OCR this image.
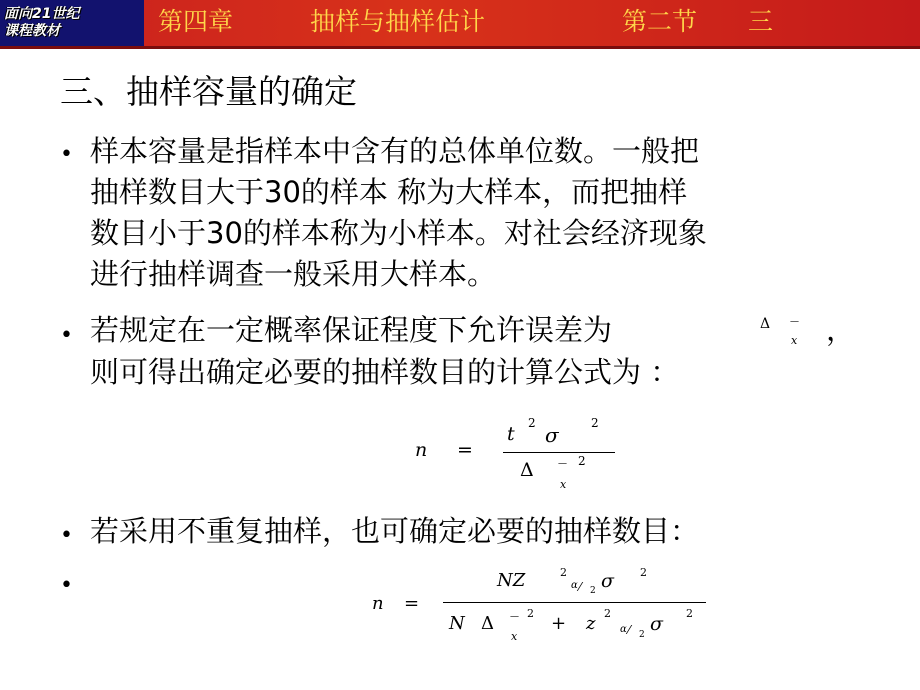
面向21世纪
课程教材	第四章	抽样与抽样估计	第二节 三
三、抽样容量的确定
• 样本容量是指样本中含有的总体单位数。一般把
抽样数目大于30的样本 称为大样本，而把抽样
数目小于30的样本称为小样本。对社会经济现象
进行抽样调查一般采用大样本。
• 若规定在一定概率保证程度下允许误差为	Δ —
x ，
则可得出确定必要的抽样数目的计算公式为 ：
n =
t 2 σ	2
Δ	—
x
2
• 若采用不重复抽样，也可确定必要的抽样数目：
•
n =
NZ	2
α ⁄ 2 σ 2
N Δ —
x
2 + z 2
α ⁄ 2 σ 2
